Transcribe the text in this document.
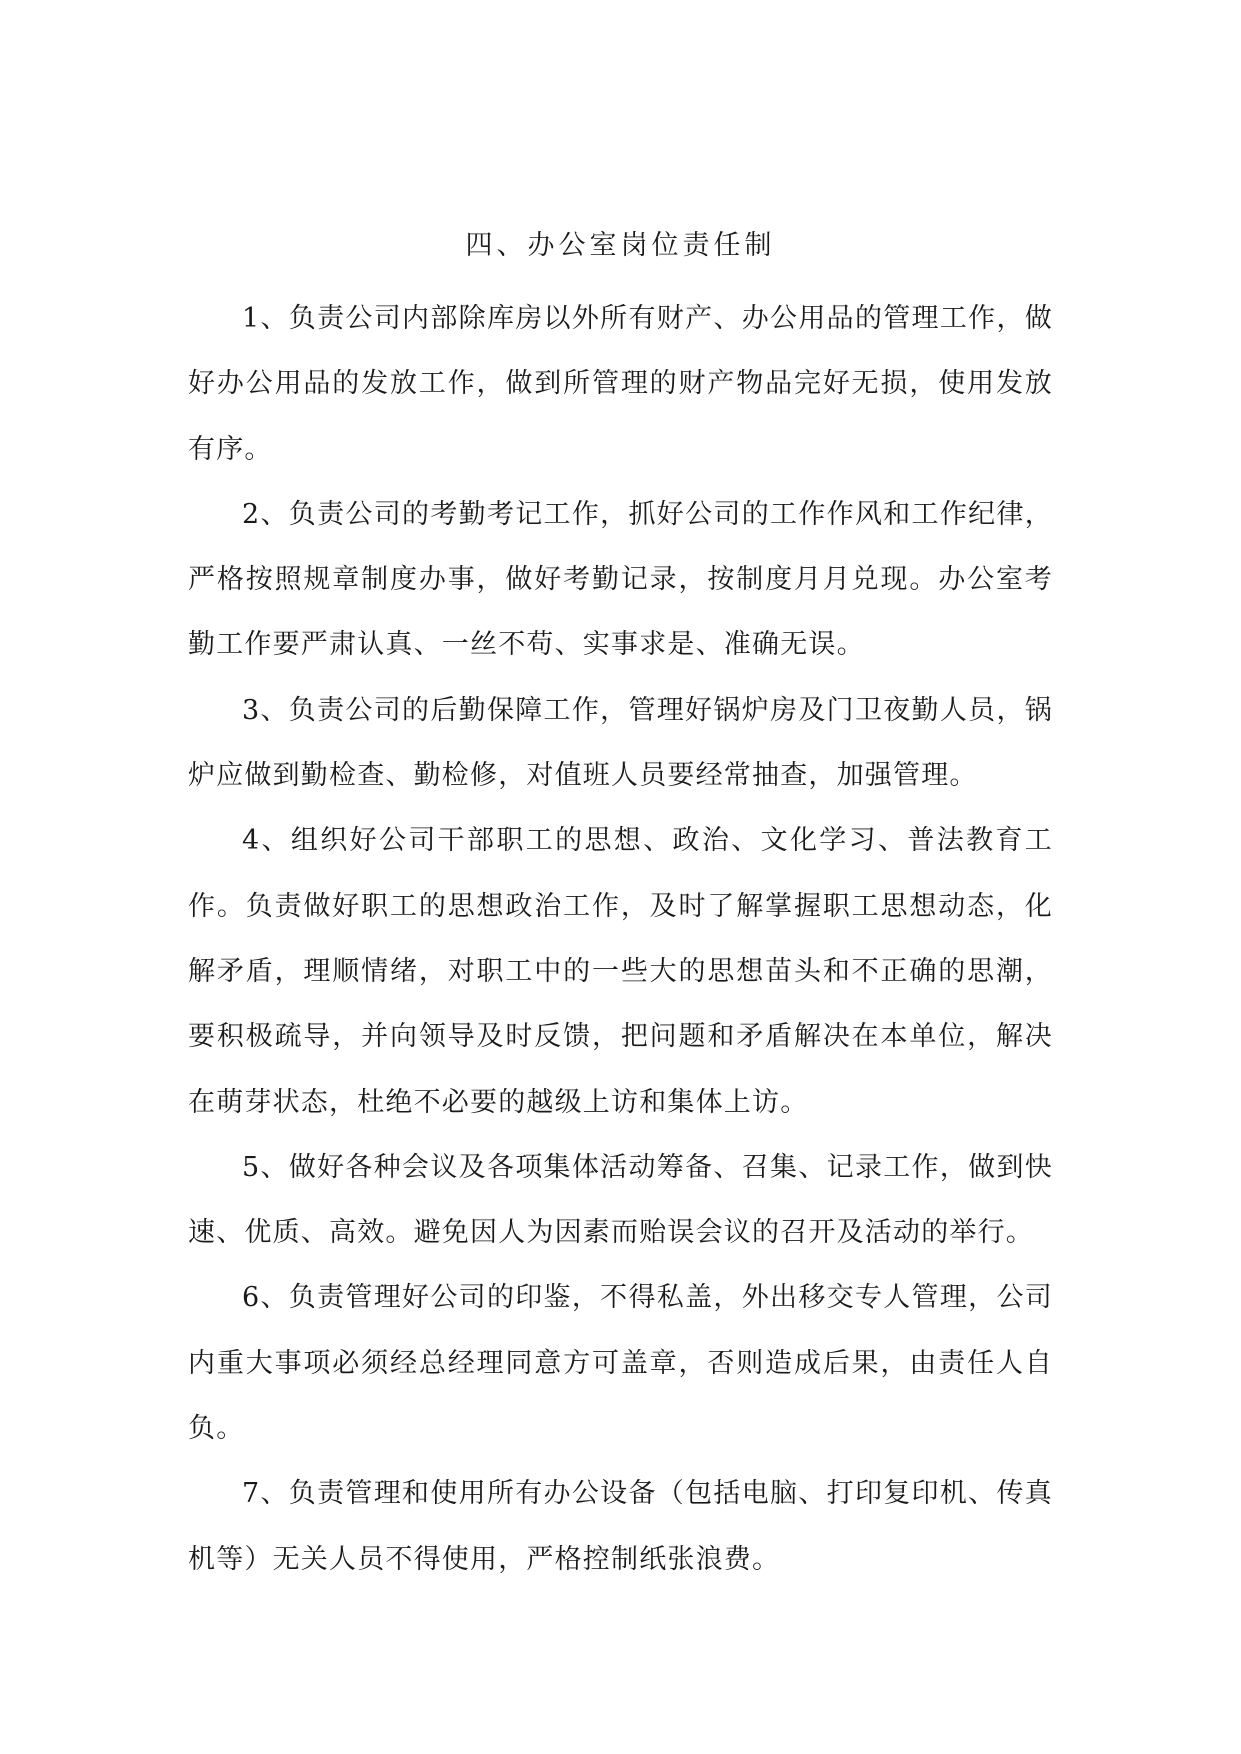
四、办公室岗位责任制

1、负责公司内部除库房以外所有财产、办公用品的管理工作，做好办公用品的发放工作，做到所管理的财产物品完好无损，使用发放有序。

2、负责公司的考勤考记工作，抓好公司的工作作风和工作纪律，严格按照规章制度办事，做好考勤记录，按制度月月兑现。办公室考勤工作要严肃认真、一丝不苟、实事求是、准确无误。

3、负责公司的后勤保障工作，管理好锅炉房及门卫夜勤人员，锅炉应做到勤检查、勤检修，对值班人员要经常抽查，加强管理。

4、组织好公司干部职工的思想、政治、文化学习、普法教育工作。负责做好职工的思想政治工作，及时了解掌握职工思想动态，化解矛盾，理顺情绪，对职工中的一些大的思想苗头和不正确的思潮，要积极疏导，并向领导及时反馈，把问题和矛盾解决在本单位，解决在萌芽状态，杜绝不必要的越级上访和集体上访。

5、做好各种会议及各项集体活动筹备、召集、记录工作，做到快速、优质、高效。避免因人为因素而贻误会议的召开及活动的举行。

6、负责管理好公司的印鉴，不得私盖，外出移交专人管理，公司内重大事项必须经总经理同意方可盖章，否则造成后果，由责任人自负。

7、负责管理和使用所有办公设备（包括电脑、打印复印机、传真机等）无关人员不得使用，严格控制纸张浪费。
